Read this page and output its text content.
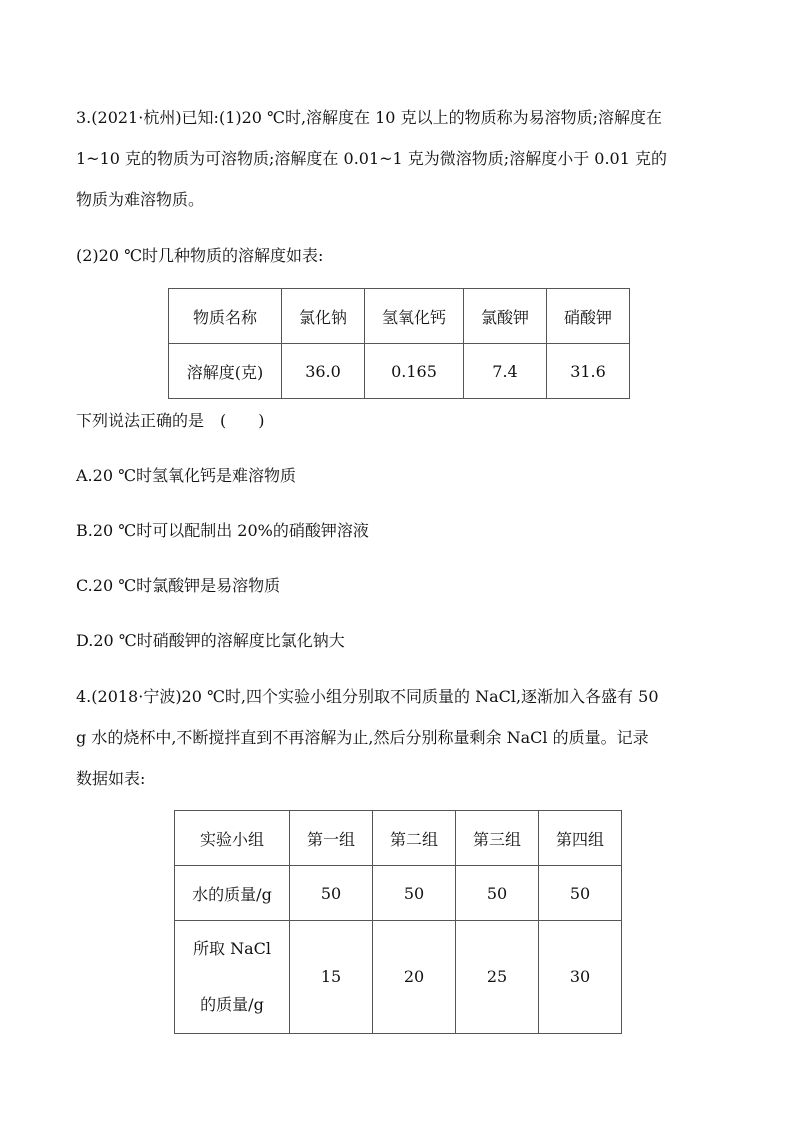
3.(2021·杭州)已知:(1)20 ℃时,溶解度在 10 克以上的物质称为易溶物质;溶解度在
1~10 克的物质为可溶物质;溶解度在 0.01~1 克为微溶物质;溶解度小于 0.01 克的
物质为难溶物质。
(2)20 ℃时几种物质的溶解度如表:
物质名称	氯化钠	氢氧化钙	氯酸钾	硝酸钾
溶解度(克)	36.0	0.165	7.4	31.6
下列说法正确的是　(　　)
A.20 ℃时氢氧化钙是难溶物质
B.20 ℃时可以配制出 20%的硝酸钾溶液
C.20 ℃时氯酸钾是易溶物质
D.20 ℃时硝酸钾的溶解度比氯化钠大
4.(2018·宁波)20 ℃时,四个实验小组分别取不同质量的 NaCl,逐渐加入各盛有 50
g 水的烧杯中,不断搅拌直到不再溶解为止,然后分别称量剩余 NaCl 的质量。记录
数据如表:
实验小组	第一组	第二组	第三组	第四组
水的质量/g	50	50	50	50

所取 NaCl
的质量/g	15	20	25	30
